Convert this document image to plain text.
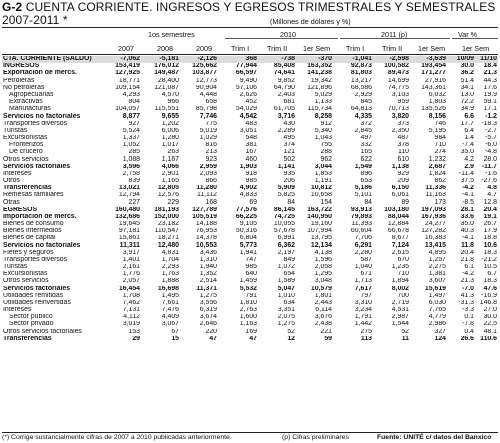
G-2 CUENTA CORRIENTE. INGRESOS Y EGRESOS TRIMESTRALES Y SEMESTRALES
2007-2011 *	(Millones de dólares y %)
1os semestres	2010	2011 (p)	Var %
2007	2008	2009	Trim I Trim II 1er Sem Trim I Trim II 1er Sem 1er Sem
CTA. CORRIENTE (SALDO)	-7,062	-5,181	-2,126		368	-738	-370		-1,041	-2,598	-3,639		10/09	11/10
INGRESOS	153,419	176,012	125,662		77,944	85,408	163,352		92,873	100,582	193,454		30.0	18.4
Exportación de mercs.	127,925	149,487	103,877		66,597	74,641	141,238		81,803	89,473	171,277		36.2	21.3
Petroleras	18,771	28,400	12,773		9,490	9,852	19,342		13,217	14,699	27,916		51.4	44.3
No petroleras	109,154	121,087	90,904		57,106	64,790	121,896		68,586	74,775	143,361		34.1	17.6
Agropecuarias	4,293	4,570	4,448		2,626	2,403	5,029		2,929	3,103	6,032		13.0	19.9
Extractivas	804	966	658		452	681	1,133		845	959	1,803		72.2	59.1
Manufacturas	104,057	115,551	85,798		54,029	61,705	115,734		64,813	70,713	135,526		34.9	17.1
Servicios no factoriales	8,877	9,655	7,746		4,542	3,716	8,258		4,335	3,820	8,156		6.6	-1.2
Transportes diversos	927	1,202	775		483	430	912		372	373	746		17.7	-18.3
Turistas	5,524	6,006	5,019		3,051	2,289	5,340		2,845	2,350	5,195		6.4	-2.7
Excursionistas	1,337	1,280	1,029		548	495	1,043		497	487	984		1.4	-5.7
Fronterizos	1,052	1,017	816		381	374	755		332	378	710		-7.4	-6.0
De crucero	285	263	213		167	121	288		165	110	274		35.0	-4.8
Otros servicios	1,088	1,167	923		460	502	962		622	610	1,232		4.2	28.0
Servicios factoriales	3,596	4,066	2,959		1,903	1,141	3,044		1,549	1,138	2,687		2.9	-11.7
Intereses	2,758	2,901	2,093		918	935	1,853		896	929	1,824		-11.4	-1.6
Otros	839	1,165	866		985	206	1,191		653	209	862		37.5	-27.6
Transferencias	13,021	12,805	11,280		4,902	5,909	10,812		5,186	6,150	11,336		-4.2	4.8
Remesas familiares	12,794	12,576	11,112		4,833	5,825	10,658		5,101	6,061	11,163		-4.1	4.7
Otras	227	229	168		69	84	154		84	89	173		-8.5	12.8
EGRESOS	160,480	181,193	127,789		77,576	86,145	163,722		93,913	103,180	197,093		28.1	20.4
Importación de mercs.	132,686	152,000	105,519		66,225	74,725	140,950		79,893	88,044	167,936		33.6	19.1
Bienes de consumo	19,645	23,182	14,188		9,105	10,055	19,160		11,393	12,884	24,277		35.0	26.7
Bienes intermedios	97,181	110,547	76,953		50,316	57,678	107,994		60,604	66,678	127,282		40.3	17.9
Bienes de capital	15,861	18,271	14,378		6,804	6,991	13,795		7,706	8,677	16,383		-4.1	18.8
Servicios no factoriales	11,311	12,480	10,553		5,773	6,362	12,134		6,291	7,124	13,415		11.8	10.6
Fletes y seguros	3,917	4,831	3,436		1,941	2,197	4,138		2,280	2,615	4,895		20.4	18.3
Transportes diversos	1,401	1,704	1,310		747	849	1,596		587	670	1,257		21.8	-21.2
Turistas	2,161	2,293	1,940		985	1,072	2,058		1,040	1,235	2,275		6.1	10.5
Excursionistas	1,776	1,763	1,352		640	654	1,295		671	710	1,381		-4.2	6.7
Otros servicios	2,057	1,888	2,514		1,459	1,589	3,048		1,713	1,894	3,607		21.3	18.3
Servicios factoriales	16,454	16,698	11,371		5,532	5,047	10,579		7,617	8,002	15,619		-7.0	47.6
Utilidades remitidas	1,708	1,495	1,275		791	1,010	1,801		797	700	1,497		41.3	-16.9
Utilidades reinvertidas	7,462	7,661	3,556		1,810	634	2,443		3,310	2,719	6,030		-31.3	146.8
Intereses	7,131	7,476	6,319		2,763	3,351	6,114		3,234	4,531	7,765		-3.3	27.0
Sector público	4,112	4,409	3,674		1,600	2,075	3,676		1,791	2,987	4,779		0.1	30.0
Sector privado	3,019	3,067	2,646		1,163	1,275	2,438		1,442	1,544	2,986		-7.8	22.5
Otros servicios factoriales	153	67	220		169	52	221		275	52	327		0.4	48.1
Transferencias	29	15	47		47	12	59		113	11	124		26.6	110.6
(*) Corrige sustancialmente cifras de 2007 a 2010 publicadas anteriormente.	(p) Cifras preliminares	Fuente: UNITÉ c/ datos del Banxico
